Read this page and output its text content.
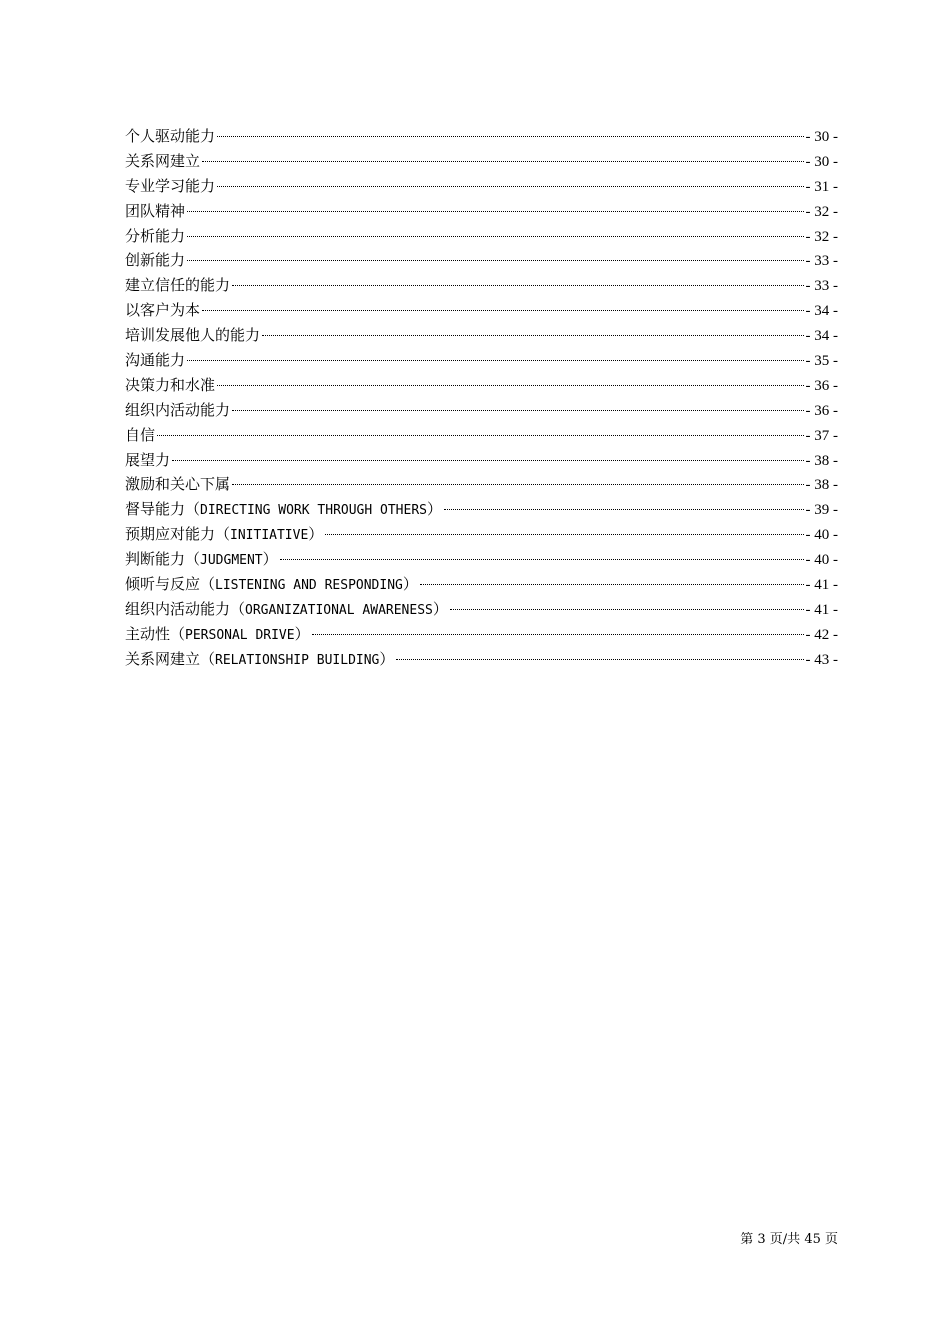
个人驱动能力	- 30 -
关系网建立	- 30 -
专业学习能力	- 31 -
团队精神	- 32 -
分析能力	- 32 -
创新能力	- 33 -
建立信任的能力	- 33 -
以客户为本	- 34 -
培训发展他人的能力	- 34 -
沟通能力	- 35 -
决策力和水准	- 36 -
组织内活动能力	- 36 -
自信	- 37 -
展望力	- 38 -
激励和关心下属	- 38 -
督导能力（DIRECTING WORK THROUGH OTHERS）	- 39 -
预期应对能力（INITIATIVE）	- 40 -
判断能力（JUDGMENT）	- 40 -
倾听与反应（LISTENING AND RESPONDING）	- 41 -
组织内活动能力（ORGANIZATIONAL AWARENESS）	- 41 -
主动性（PERSONAL DRIVE）	- 42 -
关系网建立（RELATIONSHIP BUILDING）	- 43 -
第 3 页/共 45 页
